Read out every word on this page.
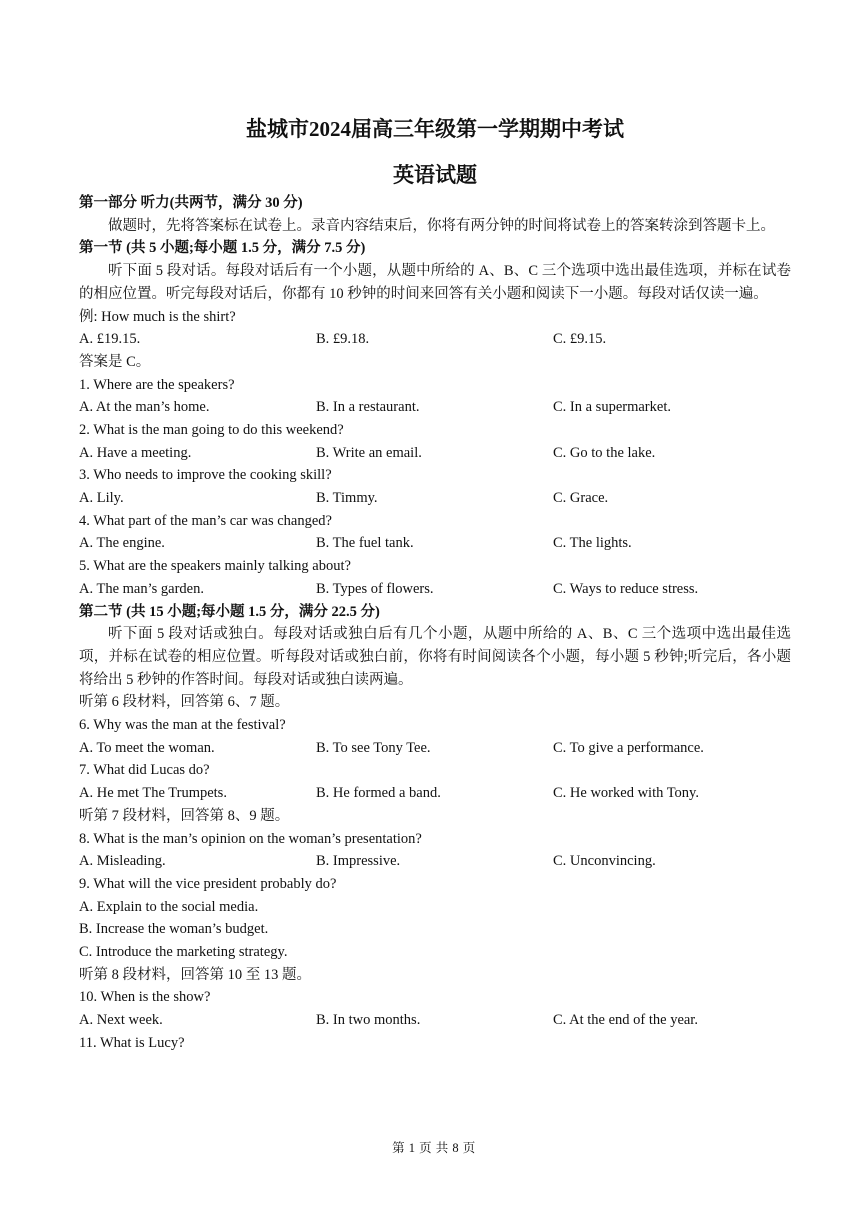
盐城市2024届高三年级第一学期期中考试
英语试题
第一部分 听力(共两节，满分 30 分)
做题时，先将答案标在试卷上。录音内容结束后，你将有两分钟的时间将试卷上的答案转涂到答题卡上。
第一节 (共 5 小题;每小题 1.5 分，满分 7.5 分)
听下面 5 段对话。每段对话后有一个小题，从题中所给的 A、B、C 三个选项中选出最佳选项，并标在试卷的相应位置。听完每段对话后，你都有 10 秒钟的时间来回答有关小题和阅读下一小题。每段对话仅读一遍。
例: How much is the shirt?
A. £19.15.	B. £9.18.	C. £9.15.
答案是 C。
1. Where are the speakers?
A. At the man’s home.	B. In a restaurant.	C. In a supermarket.
2. What is the man going to do this weekend?
A. Have a meeting.	B. Write an email.	C. Go to the lake.
3. Who needs to improve the cooking skill?
A. Lily.	B. Timmy.	C. Grace.
4. What part of the man’s car was changed?
A. The engine.	B. The fuel tank.	C. The lights.
5. What are the speakers mainly talking about?
A. The man’s garden.	B. Types of flowers.	C. Ways to reduce stress.
第二节 (共 15 小题;每小题 1.5 分，满分 22.5 分)
听下面 5 段对话或独白。每段对话或独白后有几个小题，从题中所给的 A、B、C 三个选项中选出最佳选项，并标在试卷的相应位置。听每段对话或独白前，你将有时间阅读各个小题，每小题 5 秒钟;听完后，各小题将给出 5 秒钟的作答时间。每段对话或独白读两遍。
听第 6 段材料，回答第 6、7 题。
6. Why was the man at the festival?
A. To meet the woman.	B. To see Tony Tee.	C. To give a performance.
7. What did Lucas do?
A. He met The Trumpets.	B. He formed a band.	C. He worked with Tony.
听第 7 段材料，回答第 8、9 题。
8. What is the man’s opinion on the woman’s presentation?
A. Misleading.	B. Impressive.	C. Unconvincing.
9. What will the vice president probably do?
A. Explain to the social media.
B. Increase the woman’s budget.
C. Introduce the marketing strategy.
听第 8 段材料，回答第 10 至 13 题。
10. When is the show?
A. Next week.	B. In two months.	C. At the end of the year.
11. What is Lucy?
第 1 页 共 8 页
